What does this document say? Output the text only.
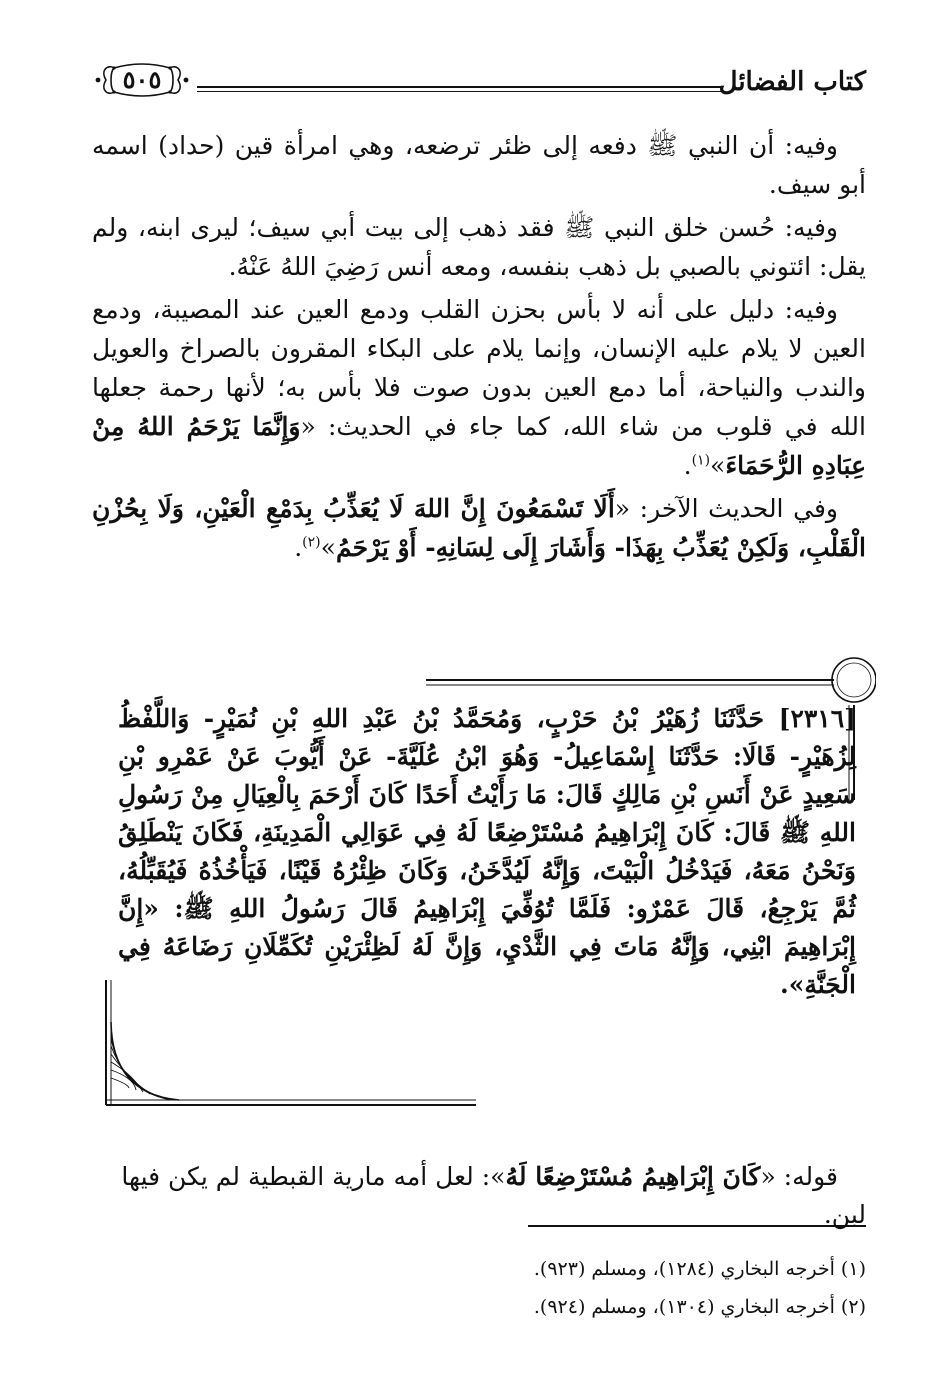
كتاب الفضائل
٥٠٥

وفيه: أن النبي ﷺ دفعه إلى ظئر ترضعه، وهي امرأة قين (حداد) اسمه أبو سيف.

وفيه: حُسن خلق النبي ﷺ فقد ذهب إلى بيت أبي سيف؛ ليرى ابنه، ولم يقل: ائتوني بالصبي بل ذهب بنفسه، ومعه أنس رَضِيَ اللهُ عَنْهُ.

وفيه: دليل على أنه لا بأس بحزن القلب ودمع العين عند المصيبة، ودمع العين لا يلام عليه الإنسان، وإنما يلام على البكاء المقرون بالصراخ والعويل والندب والنياحة، أما دمع العين بدون صوت فلا بأس به؛ لأنها رحمة جعلها الله في قلوب من شاء الله، كما جاء في الحديث: «وَإِنَّمَا يَرْحَمُ اللهُ مِنْ عِبَادِهِ الرُّحَمَاءَ»$^{(١)}$.

وفي الحديث الآخر: «أَلَا تَسْمَعُونَ إِنَّ اللهَ لَا يُعَذِّبُ بِدَمْعِ الْعَيْنِ، وَلَا بِحُزْنِ الْقَلْبِ، وَلَكِنْ يُعَذِّبُ بِهَذَا- وَأَشَارَ إِلَى لِسَانِهِ- أَوْ يَرْحَمُ»$^{(٢)}$.

[٢٣١٦] حَدَّثَنَا زُهَيْرُ بْنُ حَرْبٍ، وَمُحَمَّدُ بْنُ عَبْدِ اللهِ بْنِ نُمَيْرٍ- وَاللَّفْظُ لِزُهَيْرٍ- قَالَا: حَدَّثَنَا إِسْمَاعِيلُ- وَهُوَ ابْنُ عُلَيَّةَ- عَنْ أَيُّوبَ عَنْ عَمْرِو بْنِ سَعِيدٍ عَنْ أَنَسِ بْنِ مَالِكٍ قَالَ: مَا رَأَيْتُ أَحَدًا كَانَ أَرْحَمَ بِالْعِيَالِ مِنْ رَسُولِ اللهِ ﷺ قَالَ: كَانَ إِبْرَاهِيمُ مُسْتَرْضِعًا لَهُ فِي عَوَالِي الْمَدِينَةِ، فَكَانَ يَنْطَلِقُ وَنَحْنُ مَعَهُ، فَيَدْخُلُ الْبَيْتَ، وَإِنَّهُ لَيُدَّخَنُ، وَكَانَ ظِئْرُهُ قَيْنًا، فَيَأْخُذُهُ فَيُقَبِّلُهُ، ثُمَّ يَرْجِعُ، قَالَ عَمْرٌو: فَلَمَّا تُوُفِّيَ إِبْرَاهِيمُ قَالَ رَسُولُ اللهِ ﷺ: «إِنَّ إِبْرَاهِيمَ ابْنِي، وَإِنَّهُ مَاتَ فِي الثَّدْيِ، وَإِنَّ لَهُ لَظِئْرَيْنِ تُكَمِّلَانِ رَضَاعَهُ فِي الْجَنَّةِ».

قوله: «كَانَ إِبْرَاهِيمُ مُسْتَرْضِعًا لَهُ»: لعل أمه مارية القبطية لم يكن فيها لبن.

(١) أخرجه البخاري (١٢٨٤)، ومسلم (٩٢٣).
(٢) أخرجه البخاري (١٣٠٤)، ومسلم (٩٢٤).
